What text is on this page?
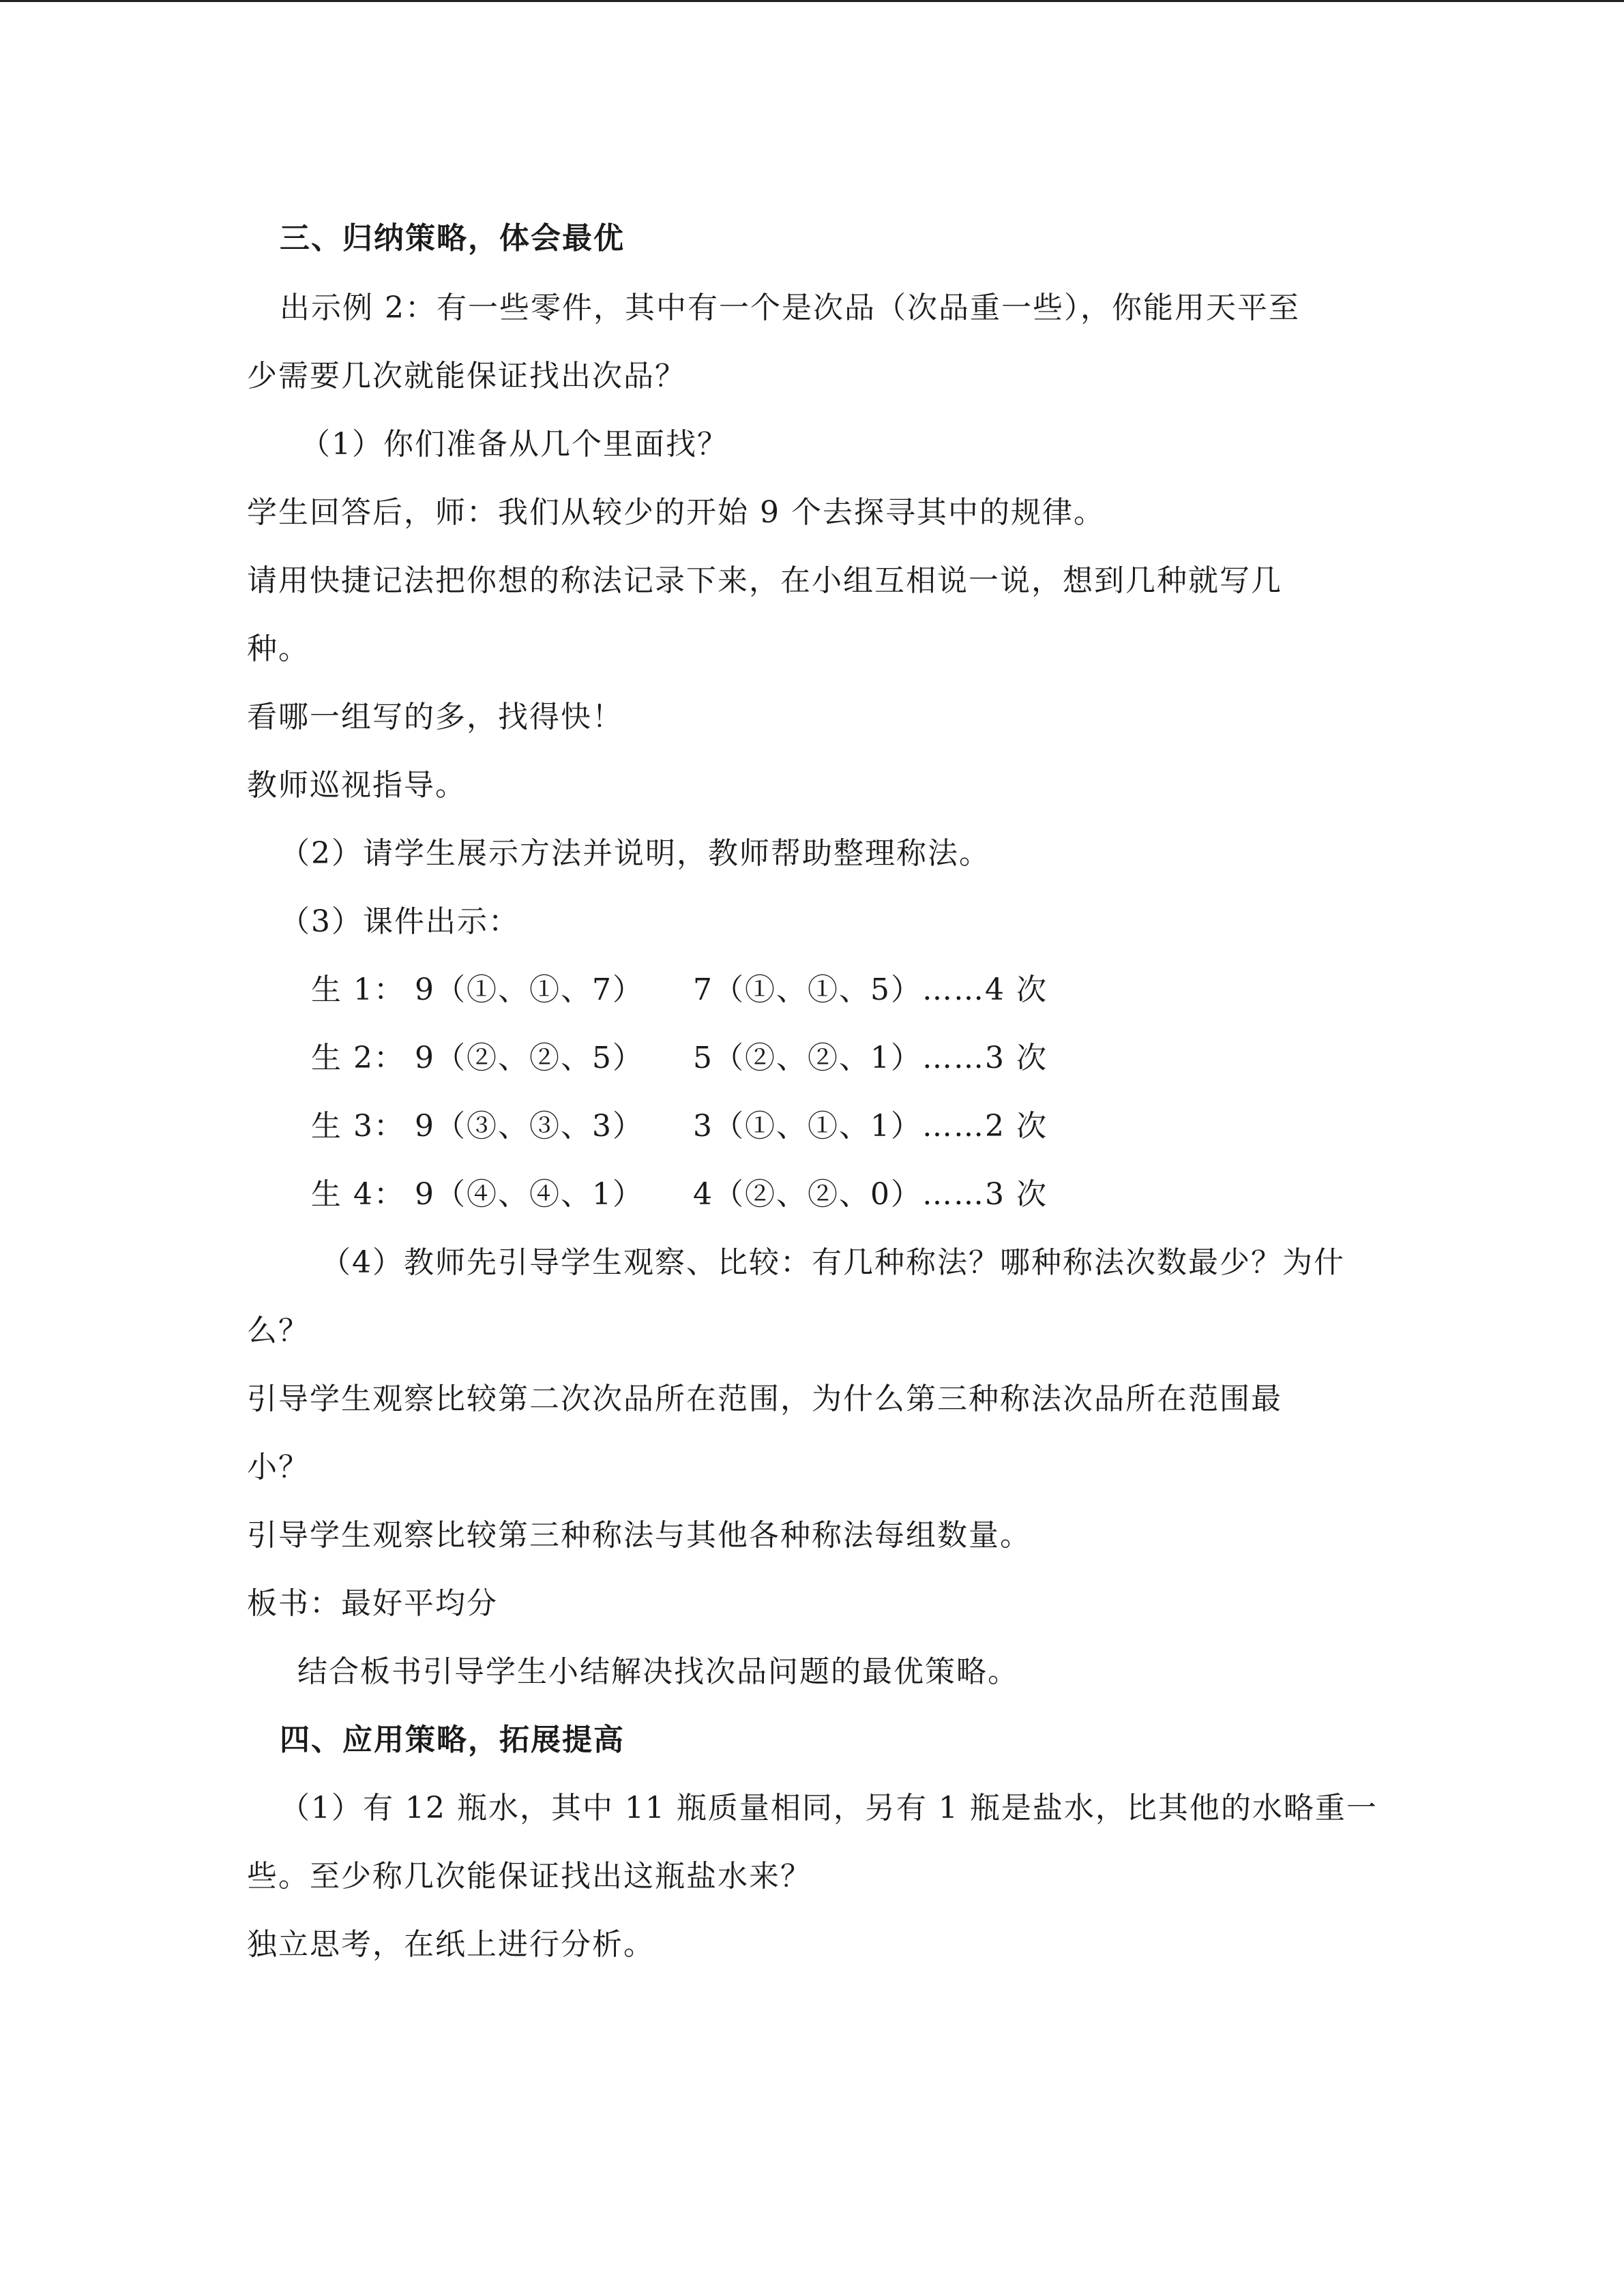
三、归纳策略，体会最优
出示例 2：有一些零件，其中有一个是次品（次品重一些），你能用天平至
少需要几次就能保证找出次品？
（1）你们准备从几个里面找？
学生回答后，师：我们从较少的开始 9 个去探寻其中的规律。
请用快捷记法把你想的称法记录下来，在小组互相说一说，想到几种就写几
种。
看哪一组写的多，找得快！
教师巡视指导。
（2）请学生展示方法并说明，教师帮助整理称法。
（3）课件出示：
生 1： 9（①、①、7） 7（①、①、5）……4 次
生 2： 9（②、②、5） 5（②、②、1）……3 次
生 3： 9（③、③、3） 3（①、①、1）……2 次
生 4： 9（④、④、1） 4（②、②、0）……3 次
（4）教师先引导学生观察、比较：有几种称法？哪种称法次数最少？为什
么？
引导学生观察比较第二次次品所在范围，为什么第三种称法次品所在范围最
小？
引导学生观察比较第三种称法与其他各种称法每组数量。
板书：最好平均分
结合板书引导学生小结解决找次品问题的最优策略。
四、应用策略，拓展提高
（1）有 12 瓶水，其中 11 瓶质量相同，另有 1 瓶是盐水，比其他的水略重一
些。至少称几次能保证找出这瓶盐水来？
独立思考，在纸上进行分析。
